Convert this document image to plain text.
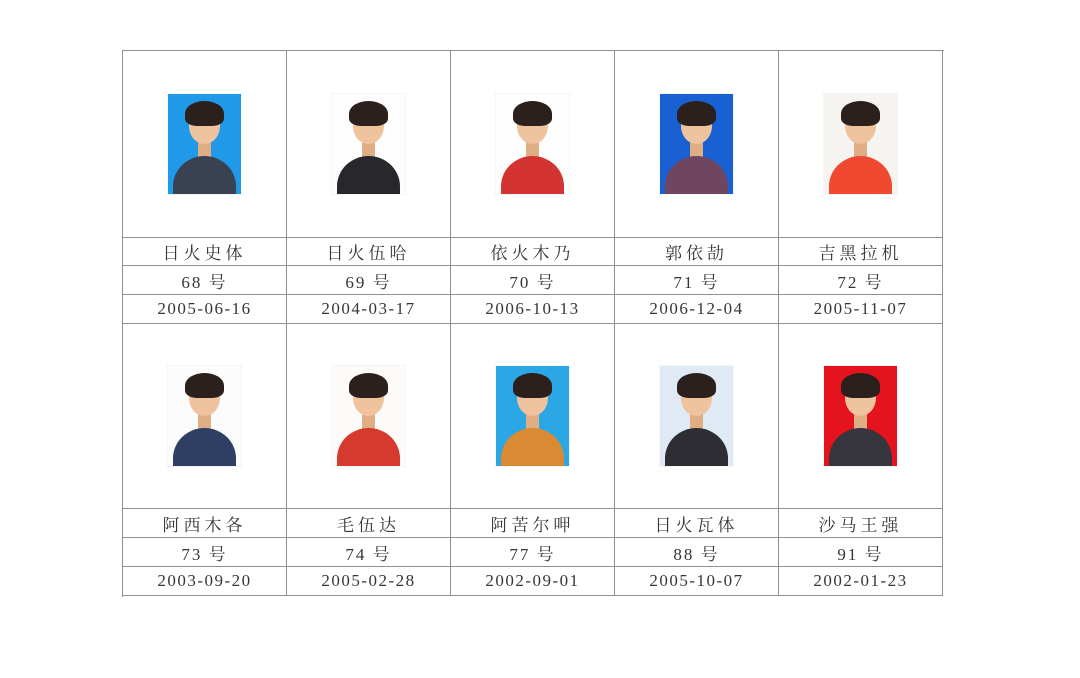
日火史体	日火伍哈	依火木乃	郭依劼	吉黑拉机
68 号	69 号	70 号	71 号	72 号
2005-06-16	2004-03-17	2006-10-13	2006-12-04	2005-11-07
阿西木各	毛伍达	阿苦尔呷	日火瓦体	沙马王强
73 号	74 号	77 号	88 号	91 号
2003-09-20	2005-02-28	2002-09-01	2005-10-07	2002-01-23
